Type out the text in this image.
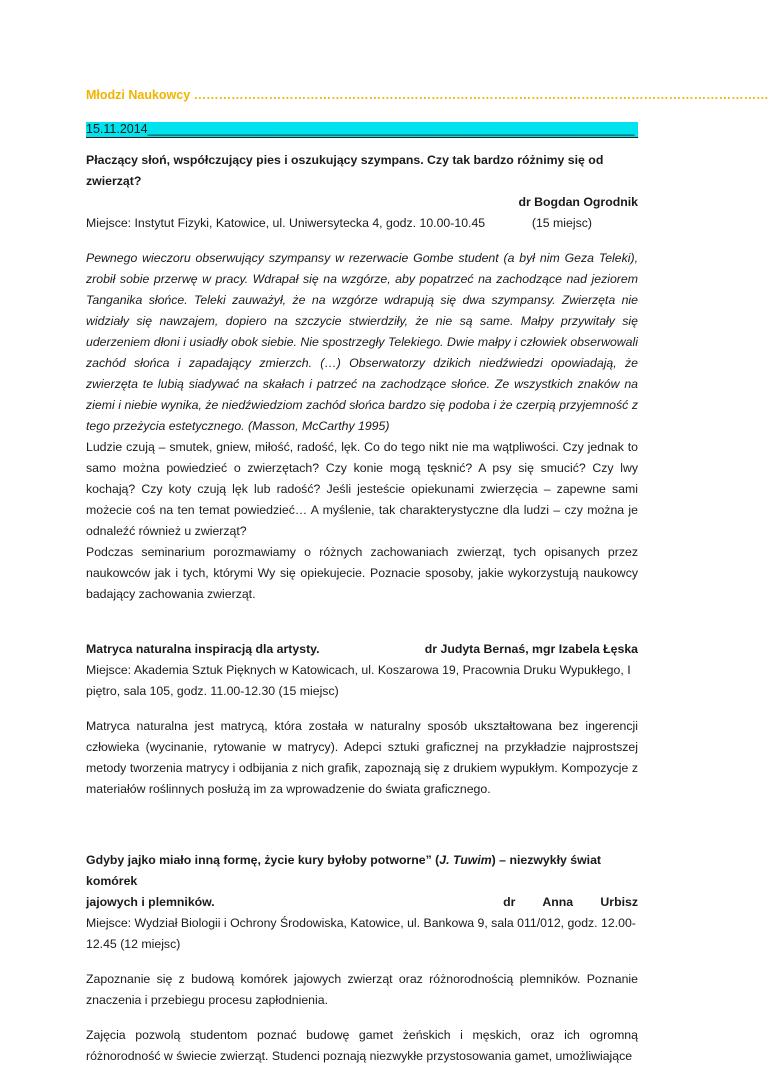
Młodzi Naukowcy …………………………………………………………………………………………………………………………
15.11.2014______________________________________________________________________
Płaczący słoń, współczujący pies i oszukujący szympans. Czy tak bardzo różnimy się od zwierząt?
dr Bogdan Ogrodnik
Miejsce: Instytut Fizyki, Katowice, ul. Uniwersytecka 4, godz. 10.00-10.45	(15 miejsc)

Pewnego wieczoru obserwujący szympansy w rezerwacie Gombe student (a był nim Geza Teleki), zrobił sobie przerwę w pracy. Wdrapał się na wzgórze, aby popatrzeć na zachodzące nad jeziorem Tanganika słońce. Teleki zauważył, że na wzgórze wdrapują się dwa szympansy. Zwierzęta nie widziały się nawzajem, dopiero na szczycie stwierdziły, że nie są same. Małpy przywitały się uderzeniem dłoni i usiadły obok siebie. Nie spostrzegły Telekiego. Dwie małpy i człowiek obserwowali zachód słońca i zapadający zmierzch. (…) Obserwatorzy dzikich niedźwiedzi opowiadają, że zwierzęta te lubią siadywać na skałach i patrzeć na zachodzące słońce. Ze wszystkich znaków na ziemi i niebie wynika, że niedźwiedziom zachód słońca bardzo się podoba i że czerpią przyjemność z tego przeżycia estetycznego. (Masson, McCarthy 1995)

Ludzie czują – smutek, gniew, miłość, radość, lęk. Co do tego nikt nie ma wątpliwości. Czy jednak to samo można powiedzieć o zwierzętach? Czy konie mogą tęsknić? A psy się smucić? Czy lwy kochają? Czy koty czują lęk lub radość? Jeśli jesteście opiekunami zwierzęcia – zapewne sami możecie coś na ten temat powiedzieć… A myślenie, tak charakterystyczne dla ludzi – czy można je odnaleźć również u zwierząt?

Podczas seminarium porozmawiamy o różnych zachowaniach zwierząt, tych opisanych przez naukowców jak i tych, którymi Wy się opiekujecie. Poznacie sposoby, jakie wykorzystują naukowcy badający zachowania zwierząt.

Matryca naturalna inspiracją dla artysty.	dr Judyta Bernaś, mgr Izabela Łęska

Miejsce: Akademia Sztuk Pięknych w Katowicach, ul. Koszarowa 19, Pracownia Druku Wypukłego, I piętro, sala 105, godz. 11.00-12.30 (15 miejsc)

Matryca naturalna jest matrycą, która została w naturalny sposób ukształtowana bez ingerencji człowieka (wycinanie, rytowanie w matrycy). Adepci sztuki graficznej na przykładzie najprostszej metody tworzenia matrycy i odbijania z nich grafik, zapoznają się z drukiem wypukłym. Kompozycje z materiałów roślinnych posłużą im za wprowadzenie do świata graficznego.

Gdyby jajko miało inną formę, życie kury byłoby potworne” (J. Tuwim) – niezwykły świat komórek
jajowych i plemników.	dr        Anna        Urbisz

Miejsce: Wydział Biologii i Ochrony Środowiska, Katowice, ul. Bankowa 9, sala 011/012, godz. 12.00-12.45 (12 miejsc)

Zapoznanie się z budową komórek jajowych zwierząt oraz różnorodnością plemników. Poznanie znaczenia i przebiegu procesu zapłodnienia.

Zajęcia pozwolą studentom poznać budowę gamet żeńskich i męskich, oraz ich ogromną różnorodność w świecie zwierząt. Studenci poznają niezwykłe przystosowania gamet, umożliwiające
